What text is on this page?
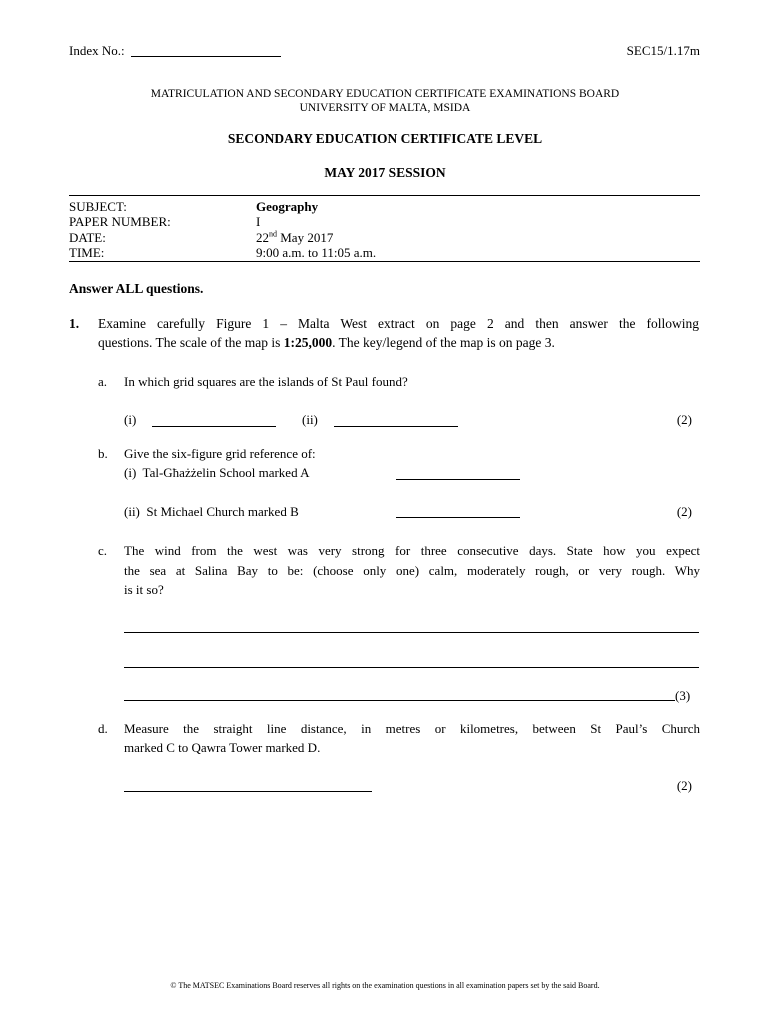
Index No.:	SEC15/1.17m
MATRICULATION AND SECONDARY EDUCATION CERTIFICATE EXAMINATIONS BOARD
UNIVERSITY OF MALTA, MSIDA
SECONDARY EDUCATION CERTIFICATE LEVEL
MAY 2017 SESSION
SUBJECT:	Geography
PAPER NUMBER:	I
DATE:	22nd May 2017
TIME:	9:00 a.m. to 11:05 a.m.
Answer ALL questions.
1. Examine carefully Figure 1 – Malta West extract on page 2 and then answer the following
questions. The scale of the map is 1:25,000. The key/legend of the map is on page 3.
a. In which grid squares are the islands of St Paul found?
(i)	(ii)	(2)
b. Give the six-figure grid reference of:
(i)  Tal-Għażżelin School marked A
(ii)  St Michael Church marked B	(2)
c. The wind from the west was very strong for three consecutive days. State how you expect
the sea at Salina Bay to be: (choose only one) calm, moderately rough, or very rough. Why
is it so?
(3)
d. Measure the straight line distance, in metres or kilometres, between St Paul’s Church
marked C to Qawra Tower marked D.
(2)
© The MATSEC Examinations Board reserves all rights on the examination questions in all examination papers set by the said Board.
